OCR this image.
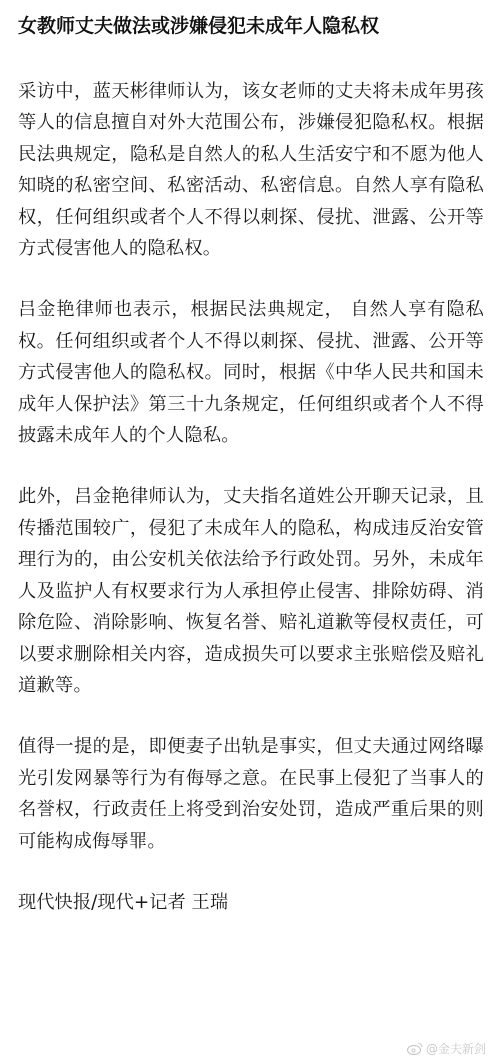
女教师丈夫做法或涉嫌侵犯未成年人隐私权

采访中，蓝天彬律师认为，该女老师的丈夫将未成年男孩等人的信息擅自对外大范围公布，涉嫌侵犯隐私权。根据民法典规定，隐私是自然人的私人生活安宁和不愿为他人知晓的私密空间、私密活动、私密信息。自然人享有隐私权，任何组织或者个人不得以刺探、侵扰、泄露、公开等方式侵害他人的隐私权。

吕金艳律师也表示，根据民法典规定， 自然人享有隐私权。任何组织或者个人不得以刺探、侵扰、泄露、公开等方式侵害他人的隐私权。同时，根据《中华人民共和国未成年人保护法》第三十九条规定，任何组织或者个人不得披露未成年人的个人隐私。

此外，吕金艳律师认为，丈夫指名道姓公开聊天记录，且传播范围较广，侵犯了未成年人的隐私，构成违反治安管理行为的，由公安机关依法给予行政处罚。另外，未成年人及监护人有权要求行为人承担停止侵害、排除妨碍、消除危险、消除影响、恢复名誉、赔礼道歉等侵权责任，可以要求删除相关内容，造成损失可以要求主张赔偿及赔礼道歉等。

值得一提的是，即便妻子出轨是事实，但丈夫通过网络曝光引发网暴等行为有侮辱之意。在民事上侵犯了当事人的名誉权，行政责任上将受到治安处罚，造成严重后果的则可能构成侮辱罪。

现代快报/现代+记者 王瑞

@金夫新剑
